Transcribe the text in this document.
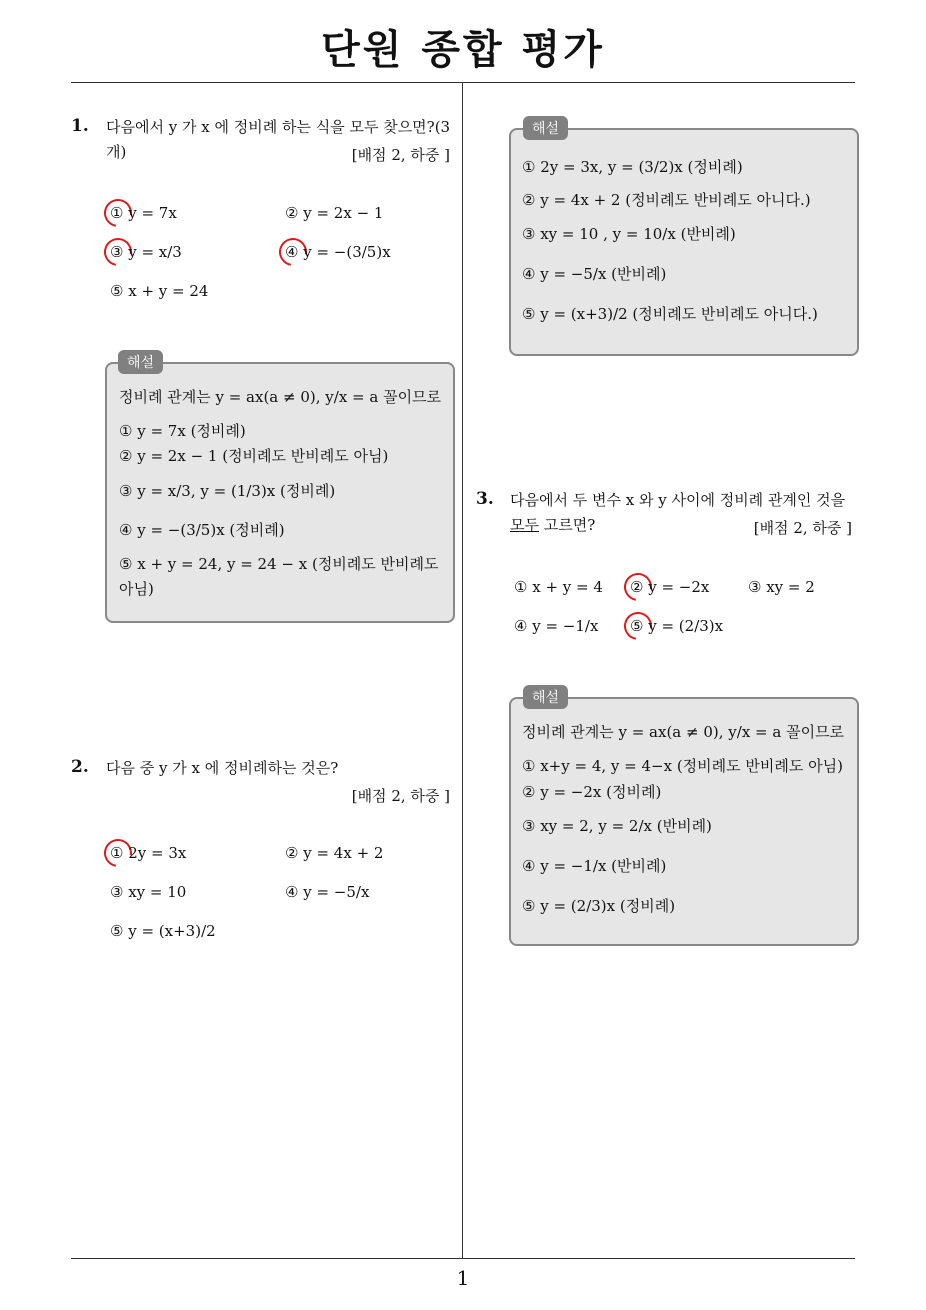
단원 종합 평가
1
1. 다음에서 y 가 x 에 정비례 하는 식을 모두 찾으면?(3
개)	[배점 2, 하중 ]
① y = 7x	② y = 2x − 1
③ y = x/3	④ y = −(3/5)x
⑤ x + y = 24
해설
정비례 관계는 y = ax(a ≠ 0), y/x = a 꼴이므로
① y = 7x (정비례)
② y = 2x − 1 (정비례도 반비례도 아님)
③ y = x/3, y = (1/3)x (정비례)
④ y = −(3/5)x (정비례)
⑤ x + y = 24, y = 24 − x (정비례도 반비례도
아님)
2. 다음 중 y 가 x 에 정비례하는 것은?
[배점 2, 하중 ]
① 2y = 3x	② y = 4x + 2
③ xy = 10	④ y = −5/x
⑤ y = (x+3)/2
해설
① 2y = 3x, y = (3/2)x (정비례)
② y = 4x + 2 (정비례도 반비례도 아니다.)
③ xy = 10 , y = 10/x (반비례)
④ y = −5/x (반비례)
⑤ y = (x+3)/2 (정비례도 반비례도 아니다.)
3. 다음에서 두 변수 x 와 y 사이에 정비례 관계인 것을
모두 고르면?	[배점 2, 하중 ]
① x + y = 4 ② y = −2x	③ xy = 2
④ y = −1/x ⑤ y = (2/3)x
해설
정비례 관계는 y = ax(a ≠ 0), y/x = a 꼴이므로
① x+y = 4, y = 4−x (정비례도 반비례도 아님)
② y = −2x (정비례)
③ xy = 2, y = 2/x (반비례)
④ y = −1/x (반비례)
⑤ y = (2/3)x (정비례)
